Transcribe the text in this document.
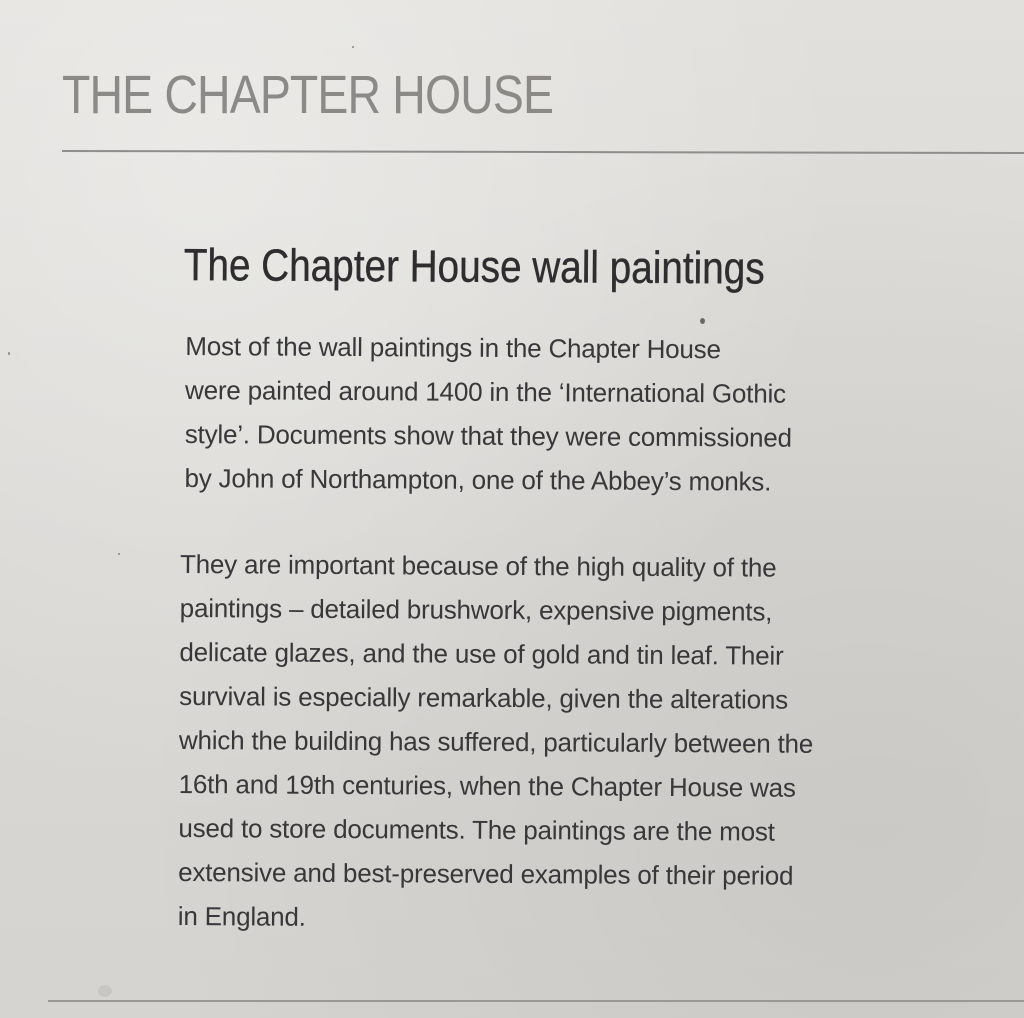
THE CHAPTER HOUSE
The Chapter House wall paintings

Most of the wall paintings in the Chapter House
were painted around 1400 in the ‘International Gothic
style’. Documents show that they were commissioned
by John of Northampton, one of the Abbey’s monks.

They are important because of the high quality of the
paintings – detailed brushwork, expensive pigments,
delicate glazes, and the use of gold and tin leaf. Their
survival is especially remarkable, given the alterations
which the building has suffered, particularly between the
16th and 19th centuries, when the Chapter House was
used to store documents. The paintings are the most
extensive and best-preserved examples of their period
in England.
